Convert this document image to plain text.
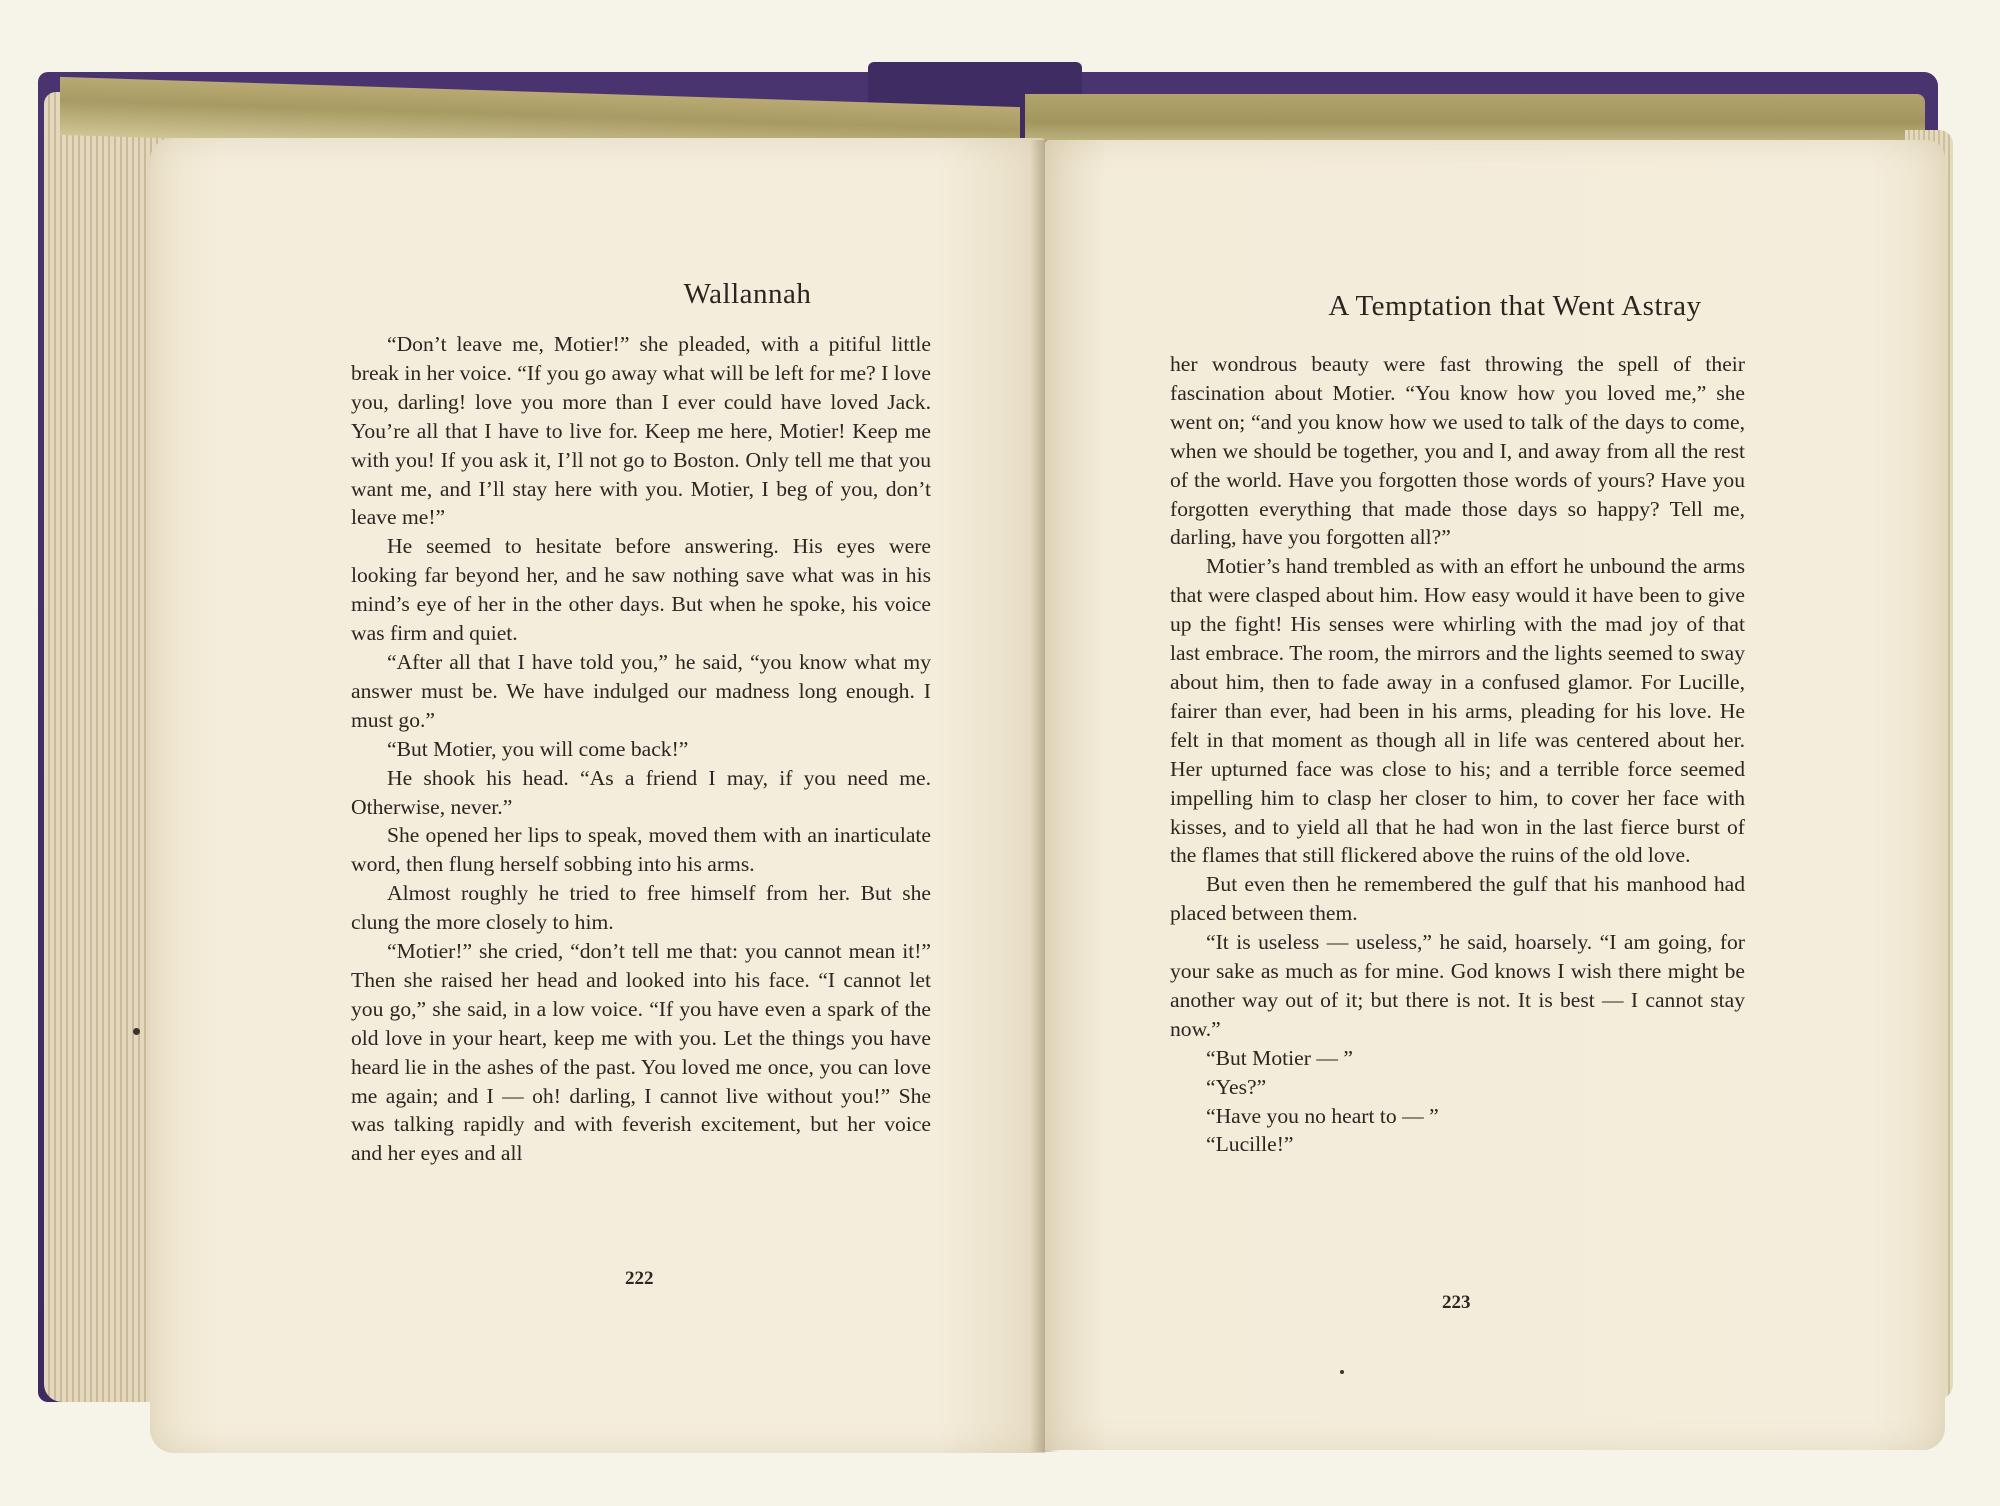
Wallannah

“Don’t leave me, Motier!” she pleaded, with a pitiful little break in her voice. “If you go away what will be left for me? I love you, darling! love you more than I ever could have loved Jack. You’re all that I have to live for. Keep me here, Motier! Keep me with you! If you ask it, I’ll not go to Boston. Only tell me that you want me, and I’ll stay here with you. Motier, I beg of you, don’t leave me!”

He seemed to hesitate before answering. His eyes were looking far beyond her, and he saw nothing save what was in his mind’s eye of her in the other days. But when he spoke, his voice was firm and quiet.

“After all that I have told you,” he said, “you know what my answer must be. We have indulged our madness long enough. I must go.”

“But Motier, you will come back!”

He shook his head. “As a friend I may, if you need me. Otherwise, never.”

She opened her lips to speak, moved them with an inarticulate word, then flung herself sobbing into his arms.

Almost roughly he tried to free himself from her. But she clung the more closely to him.

“Motier!” she cried, “don’t tell me that: you cannot mean it!” Then she raised her head and looked into his face. “I cannot let you go,” she said, in a low voice. “If you have even a spark of the old love in your heart, keep me with you. Let the things you have heard lie in the ashes of the past. You loved me once, you can love me again; and I — oh! darling, I cannot live without you!” She was talking rapidly and with feverish excitement, but her voice and her eyes and all

222
A Temptation that Went Astray

her wondrous beauty were fast throwing the spell of their fascination about Motier. “You know how you loved me,” she went on; “and you know how we used to talk of the days to come, when we should be together, you and I, and away from all the rest of the world. Have you forgotten those words of yours? Have you forgotten everything that made those days so happy? Tell me, darling, have you forgotten all?”

Motier’s hand trembled as with an effort he unbound the arms that were clasped about him. How easy would it have been to give up the fight! His senses were whirling with the mad joy of that last embrace. The room, the mirrors and the lights seemed to sway about him, then to fade away in a confused glamor. For Lucille, fairer than ever, had been in his arms, pleading for his love. He felt in that moment as though all in life was centered about her. Her upturned face was close to his; and a terrible force seemed impelling him to clasp her closer to him, to cover her face with kisses, and to yield all that he had won in the last fierce burst of the flames that still flickered above the ruins of the old love.

But even then he remembered the gulf that his manhood had placed between them.

“It is useless — useless,” he said, hoarsely. “I am going, for your sake as much as for mine. God knows I wish there might be another way out of it; but there is not. It is best — I cannot stay now.”

“But Motier — ”

“Yes?”

“Have you no heart to — ”

“Lucille!”

223
